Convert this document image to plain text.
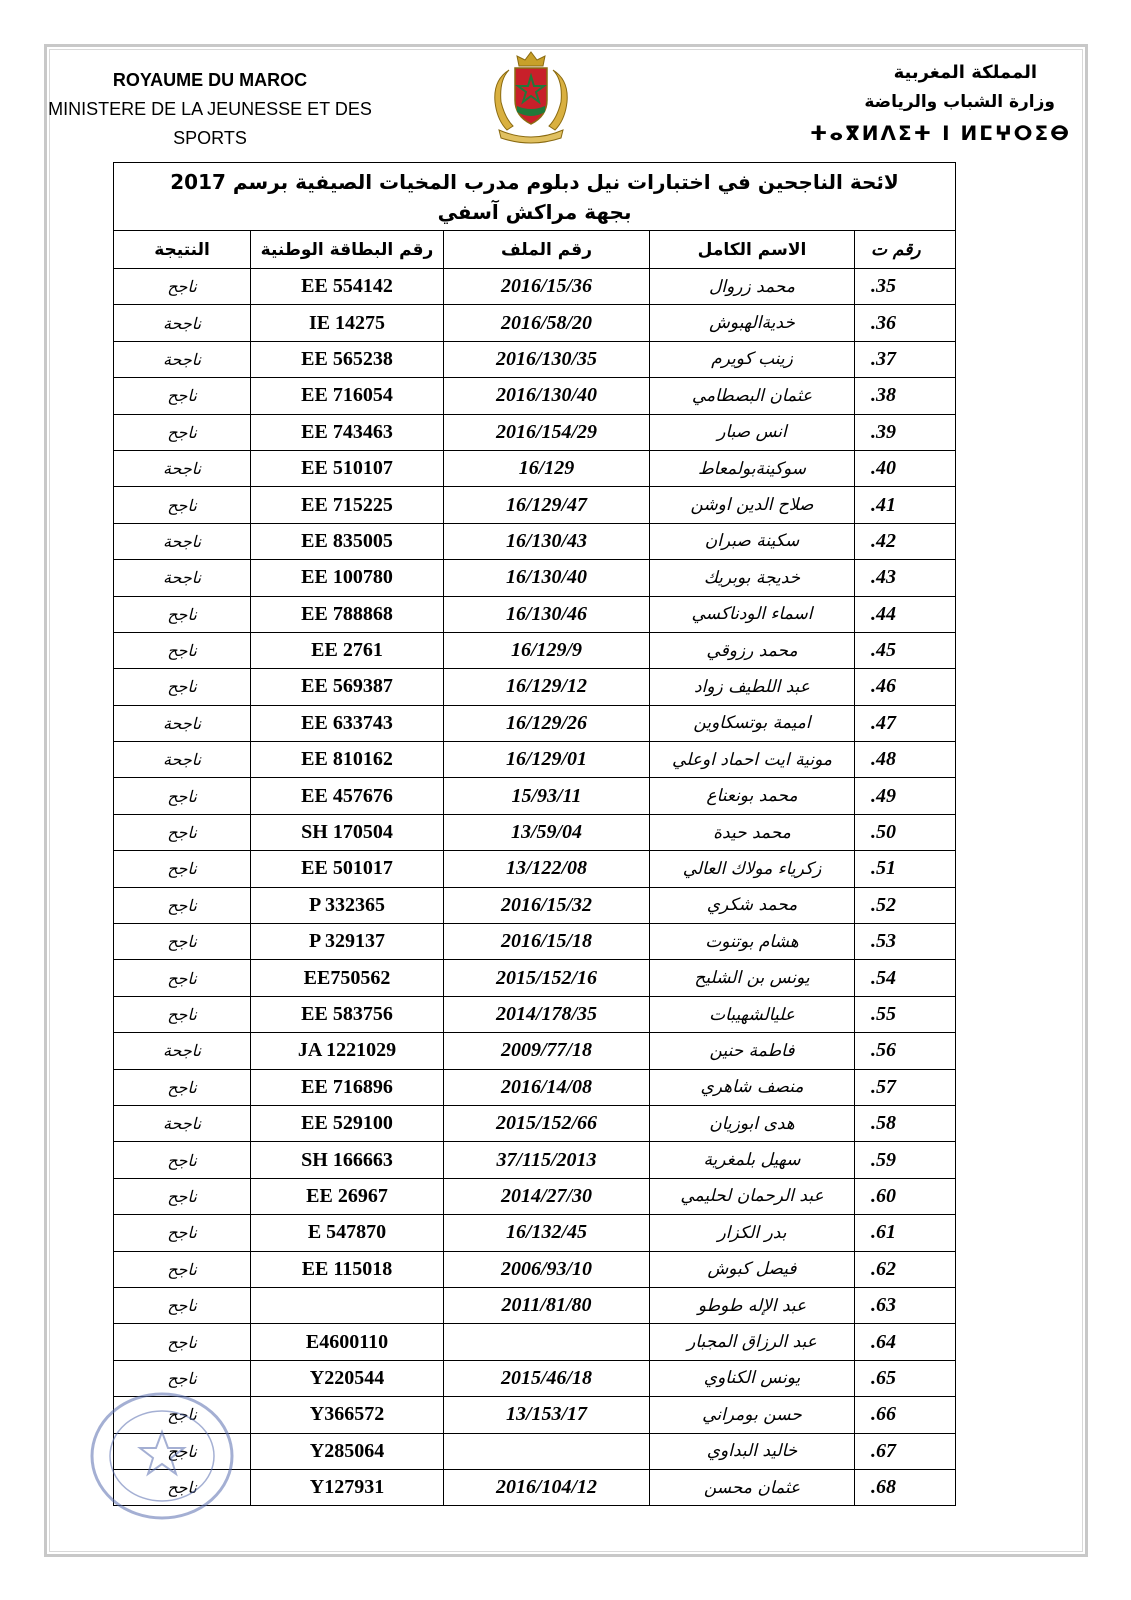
ROYAUME DU MAROC
MINISTERE DE LA JEUNESSE ET DES
SPORTS
المملكة المغربية
وزارة الشباب والرياضة
ⵜⴰⴳⵍⴷⵉⵜ ⵏ ⵍⵎⵖⵔⵉⴱ
لائحة الناجحين في اختبارات نيل دبلوم مدرب المخيات الصيفية برسم 2017
بجهة مراكش آسفي				

النتيجة	رقم البطاقة الوطنية	رقم الملف	الاسم الكامل	رقم ت
ناجح	EE 554142	2016/15/36	محمد زروال	.35
ناجحة	IE 14275	2016/58/20	خديةالهبوش	.36
ناجحة	EE 565238	2016/130/35	زينب كويرم	.37
ناجح	EE 716054	2016/130/40	عثمان البصطامي	.38
ناجح	EE 743463	2016/154/29	انس صبار	.39
ناجحة	EE 510107	16/129	سوكينةبولمعاط	.40
ناجح	EE 715225	16/129/47	صلاح الدين اوشن	.41
ناجحة	EE 835005	16/130/43	سكينة صبران	.42
ناجحة	EE 100780	16/130/40	خديجة بوبريك	.43
ناجح	EE 788868	16/130/46	اسماء الودناكسي	.44
ناجح	EE 2761	16/129/9	محمد رزوقي	.45
ناجح	EE 569387	16/129/12	عبد اللطيف زواد	.46
ناجحة	EE 633743	16/129/26	اميمة بوتسكاوين	.47
ناجحة	EE 810162	16/129/01	مونية ايت احماد اوعلي	.48
ناجح	EE 457676	15/93/11	محمد بونعناع	.49
ناجح	SH 170504	13/59/04	محمد حيدة	.50
ناجح	EE 501017	13/122/08	زكرياء مولاك العالي	.51
ناجح	P 332365	2016/15/32	محمد شكري	.52
ناجح	P 329137	2016/15/18	هشام بوتنوت	.53
ناجح	EE750562	2015/152/16	يونس بن الشليح	.54
ناجح	EE 583756	2014/178/35	عليالشهيبات	.55
ناجحة	JA 1221029	2009/77/18	فاطمة حنين	.56
ناجح	EE 716896	2016/14/08	منصف شاهري	.57
ناجحة	EE 529100	2015/152/66	هدى ابوزيان	.58
ناجح	SH 166663	37/115/2013	سهيل بلمغرية	.59
ناجح	EE 26967	2014/27/30	عبد الرحمان لحليمي	.60
ناجح	E 547870	16/132/45	بدر الكزار	.61
ناجح	EE 115018	2006/93/10	فيصل كبوش	.62
ناجح		2011/81/80	عبد الإله طوطو	.63
ناجح	E4600110		عبد الرزاق المجبار	.64
ناجح	Y220544	2015/46/18	يونس الكناوي	.65
ناجح	Y366572	13/153/17	حسن بومراني	.66
ناجح	Y285064		خاليد البداوي	.67
ناجح	Y127931	2016/104/12	عثمان محسن	.68
